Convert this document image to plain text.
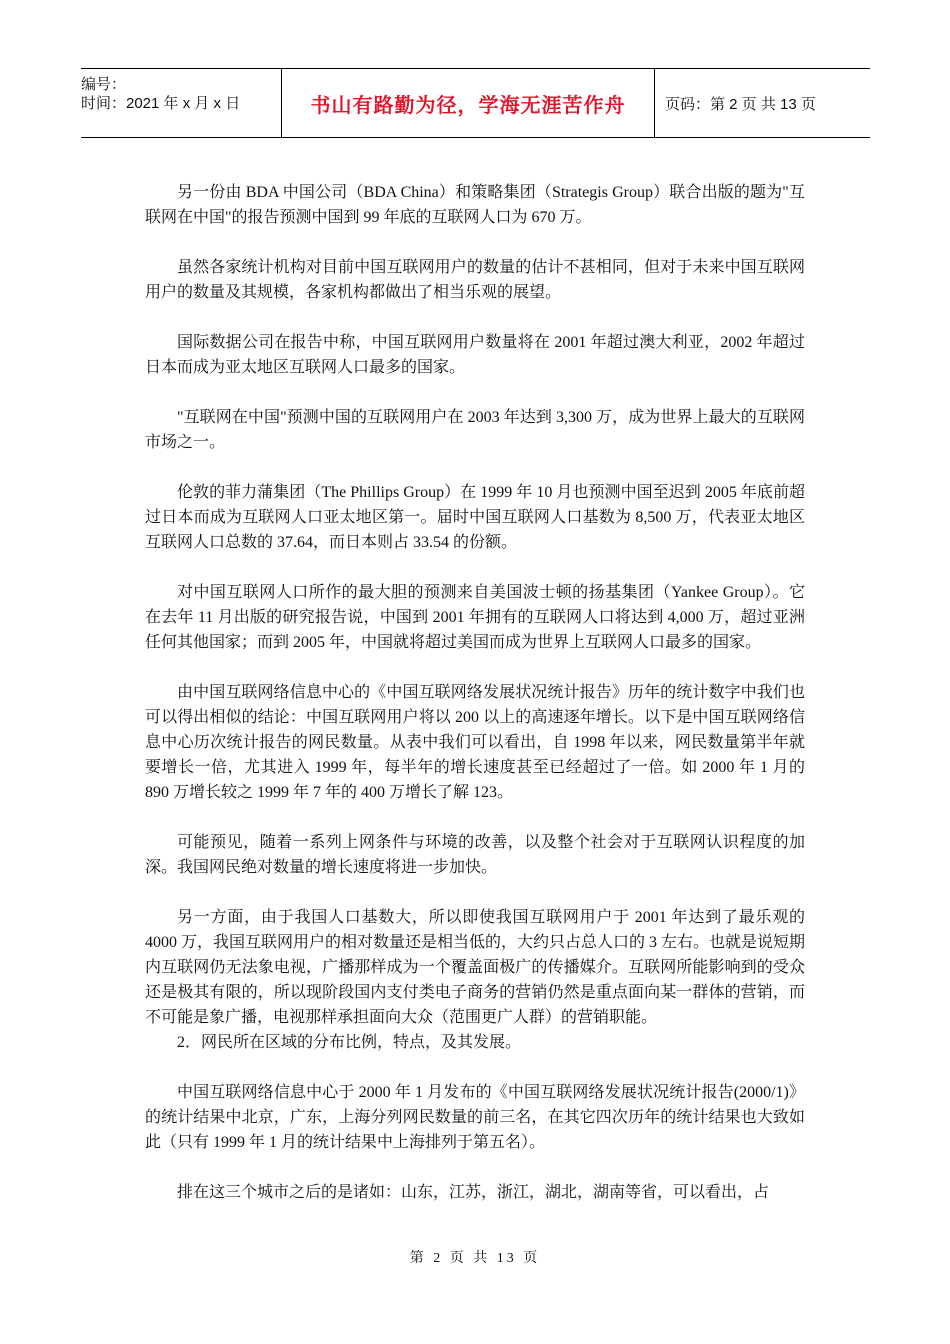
编号：
时间：2021 年 x 月 x 日	书山有路勤为径，学海无涯苦作舟	页码：第 2 页 共 13 页

另一份由 BDA 中国公司（BDA China）和策略集团（Strategis Group）联合出版的题为"互联网在中国"的报告预测中国到 99 年底的互联网人口为 670 万。

虽然各家统计机构对目前中国互联网用户的数量的估计不甚相同，但对于未来中国互联网用户的数量及其规模，各家机构都做出了相当乐观的展望。

国际数据公司在报告中称，中国互联网用户数量将在 2001 年超过澳大利亚，2002 年超过日本而成为亚太地区互联网人口最多的国家。

"互联网在中国"预测中国的互联网用户在 2003 年达到 3,300 万，成为世界上最大的互联网市场之一。

伦敦的菲力蒲集团（The Phillips Group）在 1999 年 10 月也预测中国至迟到 2005 年底前超过日本而成为互联网人口亚太地区第一。届时中国互联网人口基数为 8,500 万，代表亚太地区互联网人口总数的 37.64，而日本则占 33.54 的份额。

对中国互联网人口所作的最大胆的预测来自美国波士顿的扬基集团（Yankee Group）。它在去年 11 月出版的研究报告说，中国到 2001 年拥有的互联网人口将达到 4,000 万，超过亚洲任何其他国家；而到 2005 年，中国就将超过美国而成为世界上互联网人口最多的国家。

由中国互联网络信息中心的《中国互联网络发展状况统计报告》历年的统计数字中我们也可以得出相似的结论：中国互联网用户将以 200 以上的高速逐年增长。以下是中国互联网络信息中心历次统计报告的网民数量。从表中我们可以看出，自 1998 年以来，网民数量第半年就要增长一倍，尤其进入 1999 年，每半年的增长速度甚至已经超过了一倍。如 2000 年 1 月的 890 万增长较之 1999 年 7 年的 400 万增长了解 123。

可能预见，随着一系列上网条件与环境的改善，以及整个社会对于互联网认识程度的加深。我国网民绝对数量的增长速度将进一步加快。

另一方面，由于我国人口基数大，所以即使我国互联网用户于 2001 年达到了最乐观的 4000 万，我国互联网用户的相对数量还是相当低的，大约只占总人口的 3 左右。也就是说短期内互联网仍无法象电视，广播那样成为一个覆盖面极广的传播媒介。互联网所能影响到的受众还是极其有限的，所以现阶段国内支付类电子商务的营销仍然是重点面向某一群体的营销，而不可能是象广播，电视那样承担面向大众（范围更广人群）的营销职能。

2．网民所在区域的分布比例，特点，及其发展。

中国互联网络信息中心于 2000 年 1 月发布的《中国互联网络发展状况统计报告(2000/1)》的统计结果中北京，广东，上海分列网民数量的前三名，在其它四次历年的统计结果也大致如此（只有 1999 年 1 月的统计结果中上海排列于第五名）。

排在这三个城市之后的是诸如：山东，江苏，浙江，湖北，湖南等省，可以看出，占

第 2 页 共 13 页
